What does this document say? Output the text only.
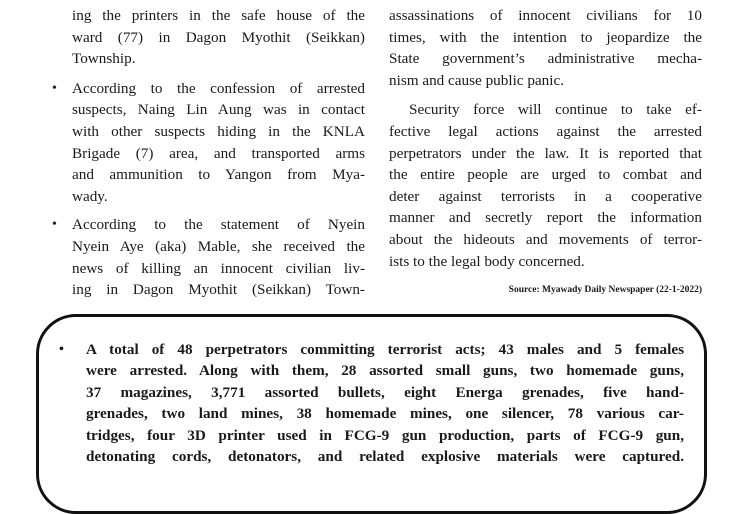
ing the printers in the safe house of the
ward (77) in Dagon Myothit (Seikkan)
Township.
• According to the confession of arrested
suspects, Naing Lin Aung was in contact
with other suspects hiding in the KNLA
Brigade (7) area, and transported arms
and ammunition to Yangon from Mya-
wady.
• According to the statement of Nyein
Nyein Aye (aka) Mable, she received the
news of killing an innocent civilian liv-
ing in Dagon Myothit (Seikkan) Town-
assassinations of innocent civilians for 10
times, with the intention to jeopardize the
State government’s administrative mecha-
nism and cause public panic.
Security force will continue to take ef-
fective legal actions against the arrested
perpetrators under the law. It is reported that
the entire people are urged to combat and
deter against terrorists in a cooperative
manner and secretly report the information
about the hideouts and movements of terror-
ists to the legal body concerned.
Source: Myawady Daily Newspaper (22-1-2022)
• A total of 48 perpetrators committing terrorist acts; 43 males and 5 females
were arrested. Along with them, 28 assorted small guns, two homemade guns,
37 magazines, 3,771 assorted bullets, eight Energa grenades, five hand-
grenades, two land mines, 38 homemade mines, one silencer, 78 various car-
tridges, four 3D printer used in FCG-9 gun production, parts of FCG-9 gun,
detonating cords, detonators, and related explosive materials were captured.
